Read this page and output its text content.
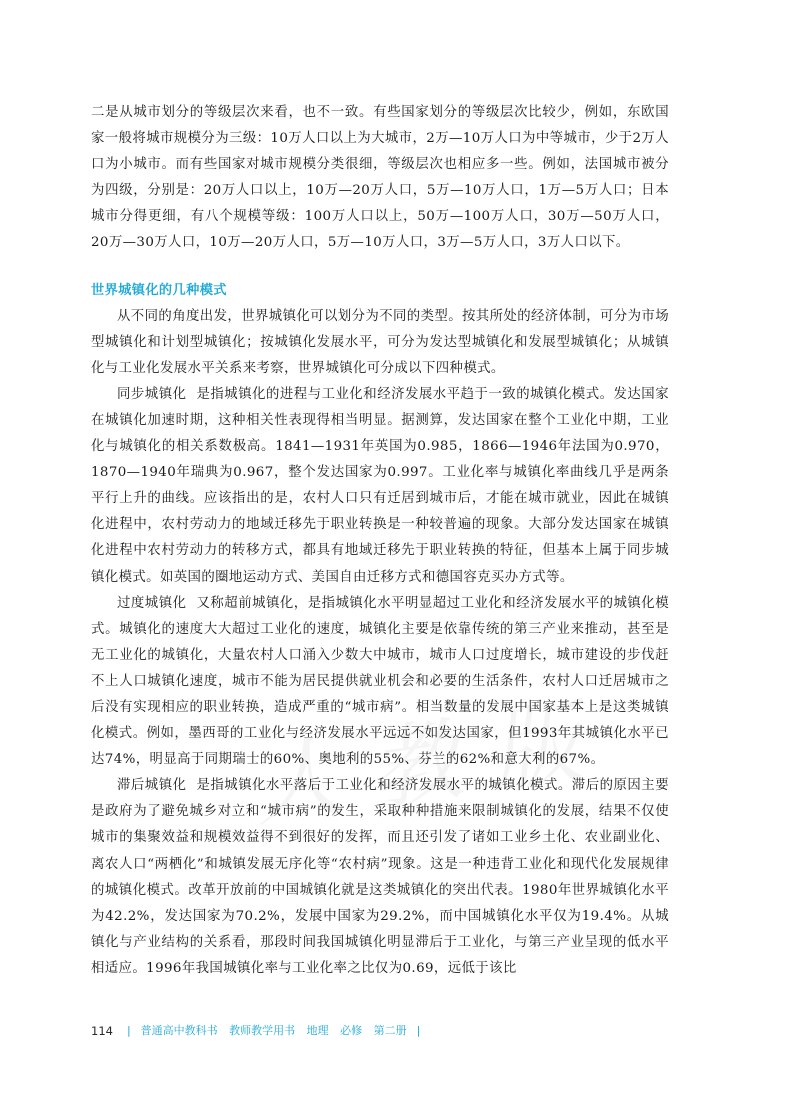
二是从城市划分的等级层次来看，也不一致。有些国家划分的等级层次比较少，例如，东欧国家一般将城市规模分为三级：10万人口以上为大城市，2万—10万人口为中等城市，少于2万人口为小城市。而有些国家对城市规模分类很细，等级层次也相应多一些。例如，法国城市被分为四级，分别是：20万人口以上，10万—20万人口，5万—10万人口，1万—5万人口；日本城市分得更细，有八个规模等级：100万人口以上，50万—100万人口，30万—50万人口，20万—30万人口，10万—20万人口，5万—10万人口，3万—5万人口，3万人口以下。

世界城镇化的几种模式

从不同的角度出发，世界城镇化可以划分为不同的类型。按其所处的经济体制，可分为市场型城镇化和计划型城镇化；按城镇化发展水平，可分为发达型城镇化和发展型城镇化；从城镇化与工业化发展水平关系来考察，世界城镇化可分成以下四种模式。

同步城镇化 是指城镇化的进程与工业化和经济发展水平趋于一致的城镇化模式。发达国家在城镇化加速时期，这种相关性表现得相当明显。据测算，发达国家在整个工业化中期，工业化与城镇化的相关系数极高。1841—1931年英国为0.985，1866—1946年法国为0.970，1870—1940年瑞典为0.967，整个发达国家为0.997。工业化率与城镇化率曲线几乎是两条平行上升的曲线。应该指出的是，农村人口只有迁居到城市后，才能在城市就业，因此在城镇化进程中，农村劳动力的地域迁移先于职业转换是一种较普遍的现象。大部分发达国家在城镇化进程中农村劳动力的转移方式，都具有地域迁移先于职业转换的特征，但基本上属于同步城镇化模式。如英国的圈地运动方式、美国自由迁移方式和德国容克买办方式等。

过度城镇化 又称超前城镇化，是指城镇化水平明显超过工业化和经济发展水平的城镇化模式。城镇化的速度大大超过工业化的速度，城镇化主要是依靠传统的第三产业来推动，甚至是无工业化的城镇化，大量农村人口涌入少数大中城市，城市人口过度增长，城市建设的步伐赶不上人口城镇化速度，城市不能为居民提供就业机会和必要的生活条件，农村人口迁居城市之后没有实现相应的职业转换，造成严重的“城市病”。相当数量的发展中国家基本上是这类城镇化模式。例如，墨西哥的工业化与经济发展水平远远不如发达国家，但1993年其城镇化水平已达74%，明显高于同期瑞士的60%、奥地利的55%、芬兰的62%和意大利的67%。

滞后城镇化 是指城镇化水平落后于工业化和经济发展水平的城镇化模式。滞后的原因主要是政府为了避免城乡对立和“城市病”的发生，采取种种措施来限制城镇化的发展，结果不仅使城市的集聚效益和规模效益得不到很好的发挥，而且还引发了诸如工业乡土化、农业副业化、离农人口“两栖化”和城镇发展无序化等“农村病”现象。这是一种违背工业化和现代化发展规律的城镇化模式。改革开放前的中国城镇化就是这类城镇化的突出代表。1980年世界城镇化水平为42.2%，发达国家为70.2%，发展中国家为29.2%，而中国城镇化水平仅为19.4%。从城镇化与产业结构的关系看，那段时间我国城镇化明显滞后于工业化，与第三产业呈现的低水平相适应。1996年我国城镇化率与工业化率之比仅为0.69，远低于该比

114 | 普通高中教科书 教师教学用书 地理 必修 第二册 |
